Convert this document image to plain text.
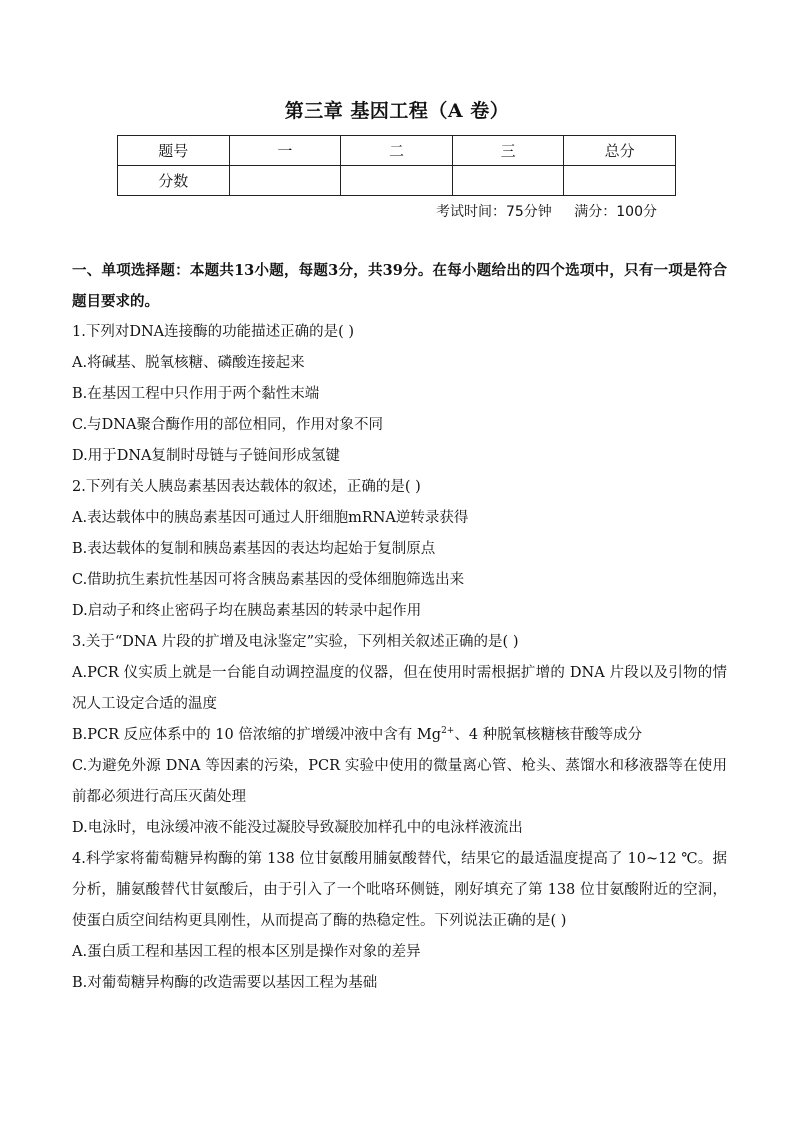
第三章 基因工程（A 卷）
题号	一	二	三	总分
分数				
考试时间：75分钟 满分：100分
一、单项选择题：本题共13小题，每题3分，共39分。在每小题给出的四个选项中，只有一项是符合题目要求的。

1.下列对DNA连接酶的功能描述正确的是( )

A.将碱基、脱氧核糖、磷酸连接起来

B.在基因工程中只作用于两个黏性末端

C.与DNA聚合酶作用的部位相同，作用对象不同

D.用于DNA复制时母链与子链间形成氢键

2.下列有关人胰岛素基因表达载体的叙述，正确的是( )

A.表达载体中的胰岛素基因可通过人肝细胞mRNA逆转录获得

B.表达载体的复制和胰岛素基因的表达均起始于复制原点

C.借助抗生素抗性基因可将含胰岛素基因的受体细胞筛选出来

D.启动子和终止密码子均在胰岛素基因的转录中起作用

3.关于“DNA 片段的扩增及电泳鉴定”实验，下列相关叙述正确的是( )

A.PCR 仪实质上就是一台能自动调控温度的仪器，但在使用时需根据扩增的 DNA 片段以及引物的情况人工设定合适的温度

B.PCR 反应体系中的 10 倍浓缩的扩增缓冲液中含有 $Mg^{2+}$、4 种脱氧核糖核苷酸等成分

C.为避免外源 DNA 等因素的污染，PCR 实验中使用的微量离心管、枪头、蒸馏水和移液器等在使用前都必须进行高压灭菌处理

D.电泳时，电泳缓冲液不能没过凝胶导致凝胶加样孔中的电泳样液流出

4.科学家将葡萄糖异构酶的第 138 位甘氨酸用脯氨酸替代，结果它的最适温度提高了 10~12 ℃。据分析，脯氨酸替代甘氨酸后，由于引入了一个吡咯环侧链，刚好填充了第 138 位甘氨酸附近的空洞，使蛋白质空间结构更具刚性，从而提高了酶的热稳定性。下列说法正确的是( )

A.蛋白质工程和基因工程的根本区别是操作对象的差异

B.对葡萄糖异构酶的改造需要以基因工程为基础
